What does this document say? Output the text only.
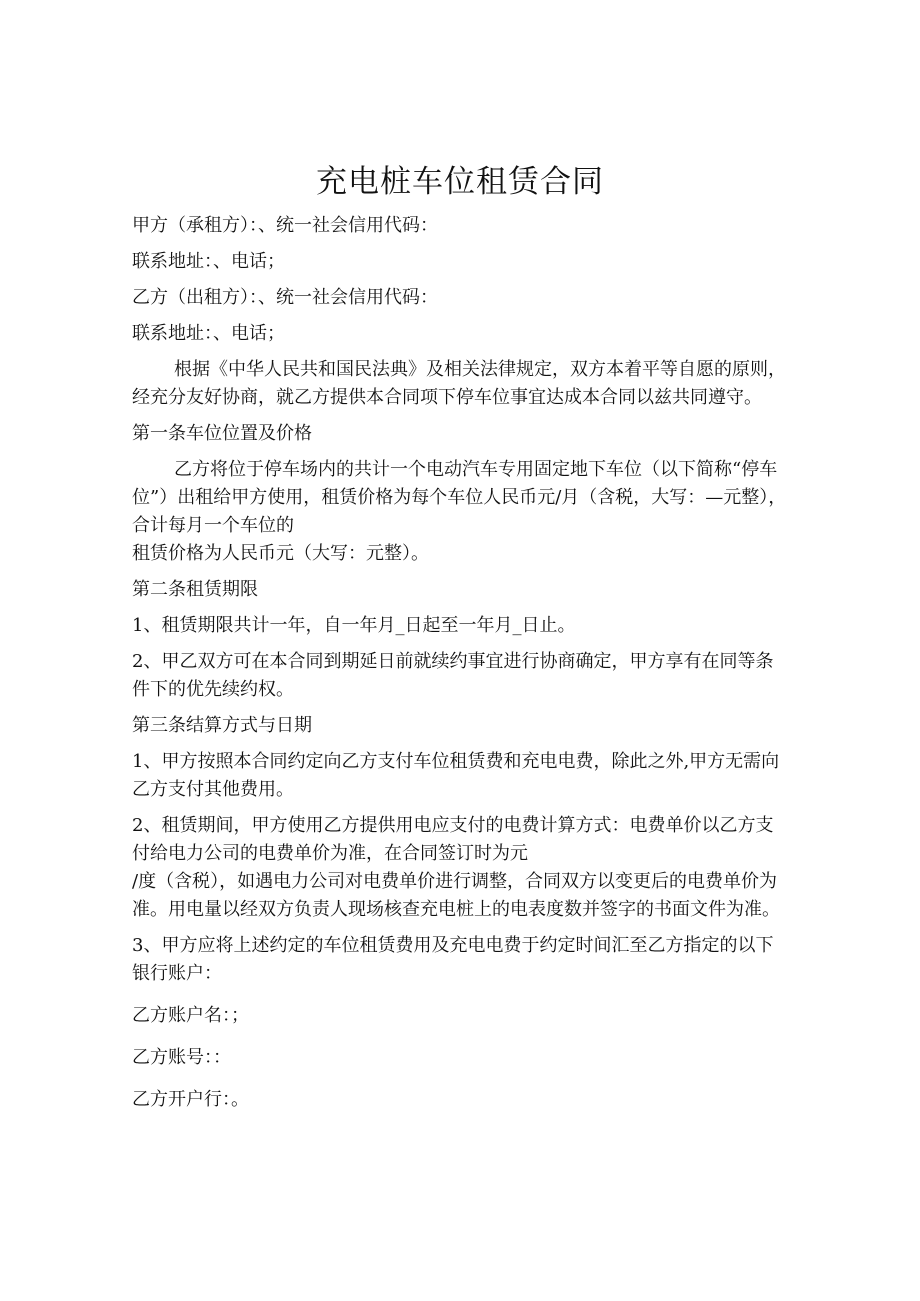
充电桩车位租赁合同

甲方（承租方）：、统一社会信用代码：

联系地址：、电话；

乙方（出租方）：、统一社会信用代码：

联系地址：、电话；

根据《中华人民共和国民法典》及相关法律规定，双方本着平等自愿的原则，经充分友好协商，就乙方提供本合同项下停车位事宜达成本合同以兹共同遵守。

第一条车位位置及价格

乙方将位于停车场内的共计一个电动汽车专用固定地下车位（以下简称“停车位”）出租给甲方使用，租赁价格为每个车位人民币元/月（含税，大写：—元整），合计每月一个车位的

租赁价格为人民币元（大写：元整）。

第二条租赁期限

1、租赁期限共计一年，自一年月_日起至一年月_日止。

2、甲乙双方可在本合同到期延日前就续约事宜进行协商确定，甲方享有在同等条件下的优先续约权。

第三条结算方式与日期

1、甲方按照本合同约定向乙方支付车位租赁费和充电电费，除此之外,甲方无需向乙方支付其他费用。

2、租赁期间，甲方使用乙方提供用电应支付的电费计算方式：电费单价以乙方支付给电力公司的电费单价为准，在合同签订时为元

/度（含税），如遇电力公司对电费单价进行调整，合同双方以变更后的电费单价为准。用电量以经双方负责人现场核查充电桩上的电表度数并签字的书面文件为准。

3、甲方应将上述约定的车位租赁费用及充电电费于约定时间汇至乙方指定的以下银行账户：

乙方账户名：；

乙方账号：：

乙方开户行：。
